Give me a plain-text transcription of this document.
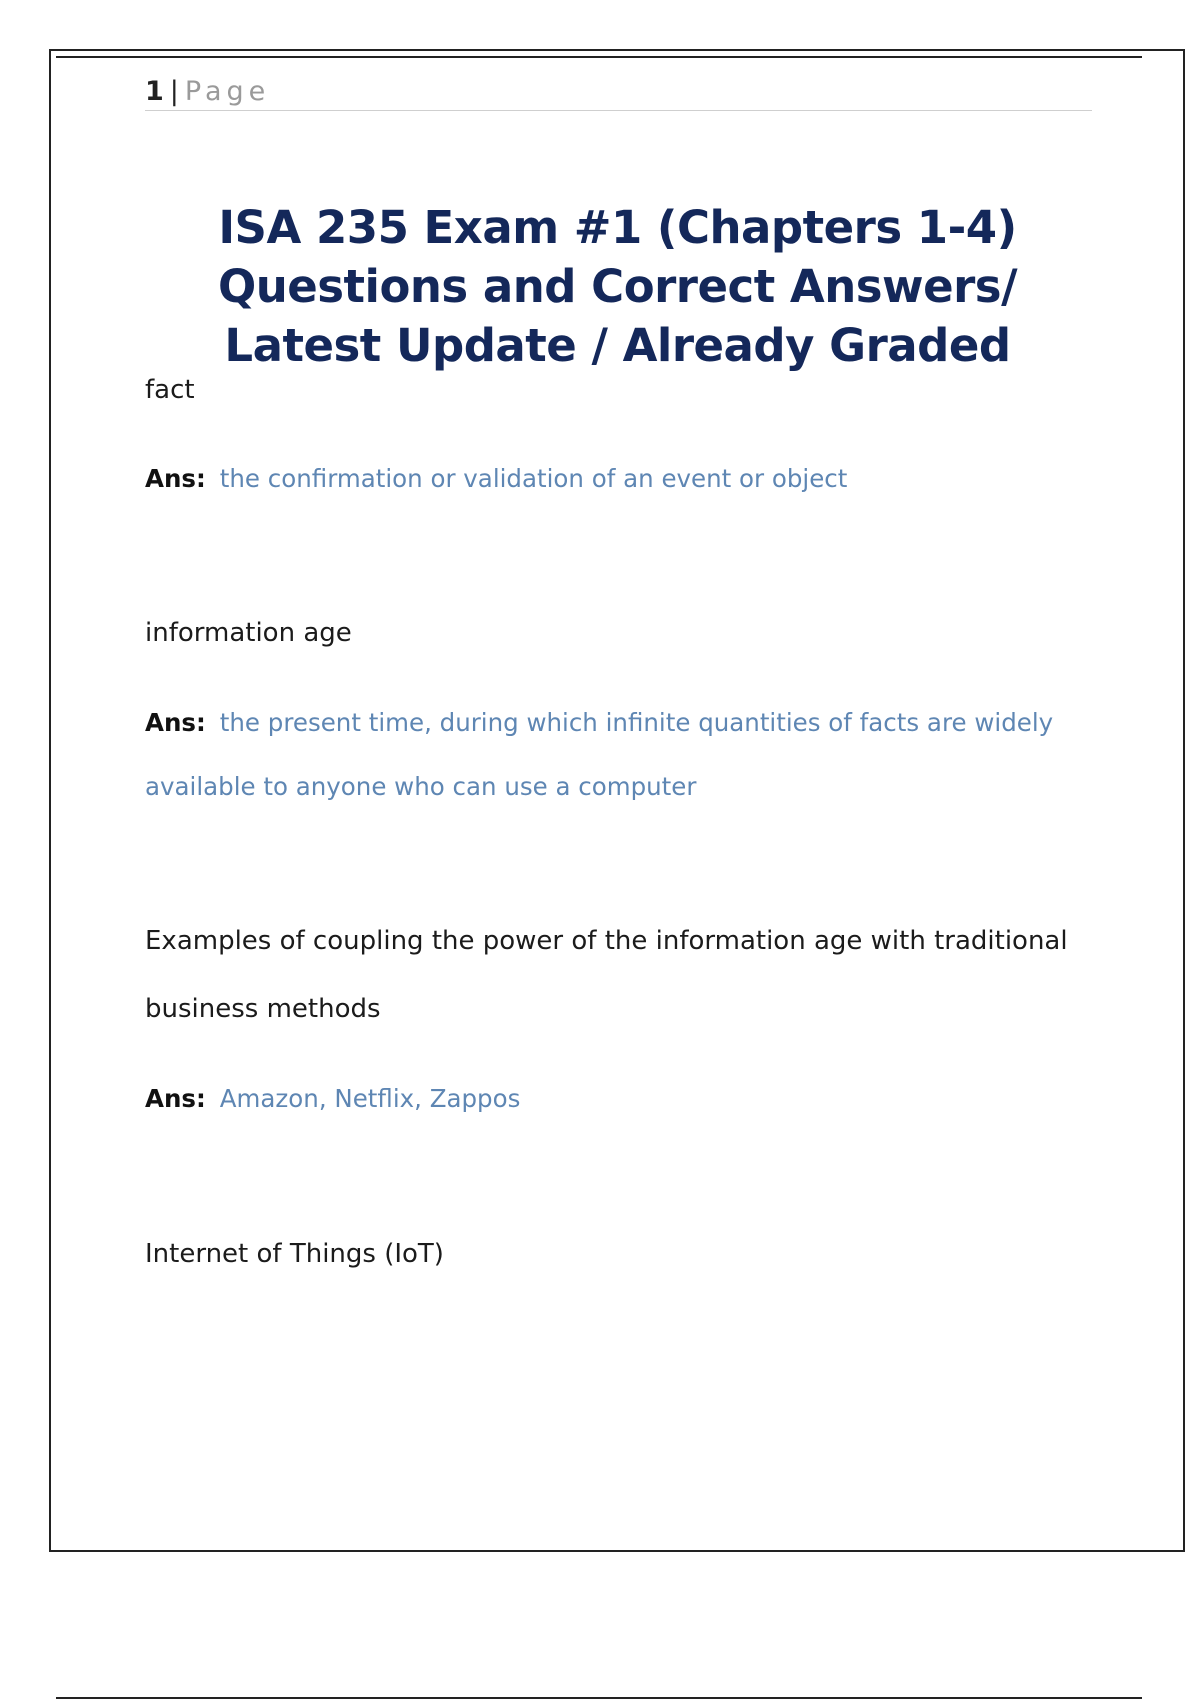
1 | Page
ISA 235 Exam #1 (Chapters 1-4) Questions and Correct Answers/ Latest Update / Already Graded

fact

Ans: the confirmation or validation of an event or object

information age

Ans: the present time, during which infinite quantities of facts are widely available to anyone who can use a computer

Examples of coupling the power of the information age with traditional business methods

Ans: Amazon, Netflix, Zappos

Internet of Things (IoT)
